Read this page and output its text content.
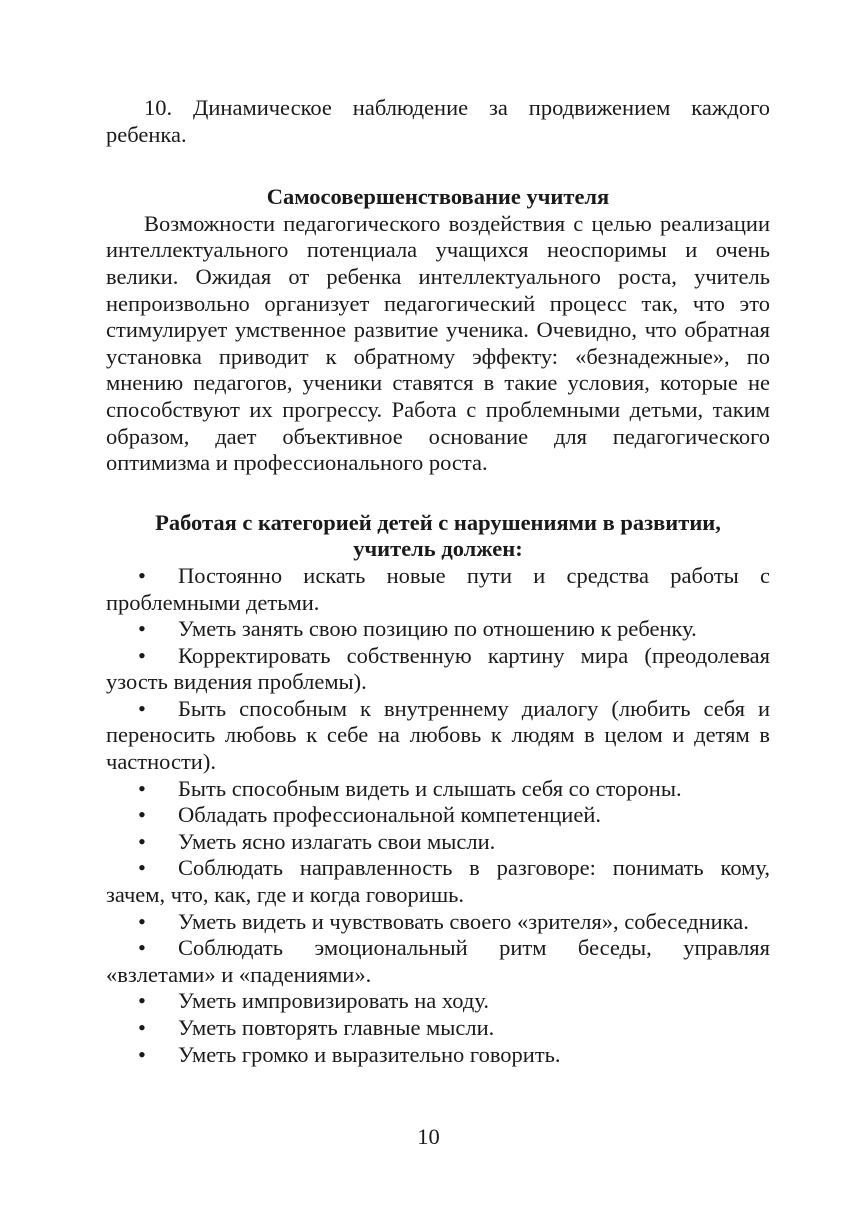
10. Динамическое наблюдение за продвижением каждого ребенка.

Самосовершенствование учителя

Возможности педагогического воздействия с целью реализации интеллектуального потенциала учащихся неоспоримы и очень велики. Ожидая от ребенка интеллектуального роста, учитель непроизвольно организует педагогический процесс так, что это стимулирует умственное развитие ученика. Очевидно, что обратная установка приводит к обратному эффекту: «безнадежные», по мнению педагогов, ученики ставятся в такие условия, которые не способствуют их прогрессу. Работа с проблемными детьми, таким образом, дает объективное основание для педагогического оптимизма и профессионального роста.

Работая с категорией детей с нарушениями в развитии,
учитель должен:

• Постоянно искать новые пути и средства работы с проблемными детьми.

• Уметь занять свою позицию по отношению к ребенку.

• Корректировать собственную картину мира (преодолевая узость видения проблемы).

• Быть способным к внутреннему диалогу (любить себя и переносить любовь к себе на любовь к людям в целом и детям в частности).

• Быть способным видеть и слышать себя со стороны.

• Обладать профессиональной компетенцией.

• Уметь ясно излагать свои мысли.

• Соблюдать направленность в разговоре: понимать кому, зачем, что, как, где и когда говоришь.

• Уметь видеть и чувствовать своего «зрителя», собеседника.

• Соблюдать эмоциональный ритм беседы, управляя «взлетами» и «падениями».

• Уметь импровизировать на ходу.

• Уметь повторять главные мысли.

• Уметь громко и выразительно говорить.

10
